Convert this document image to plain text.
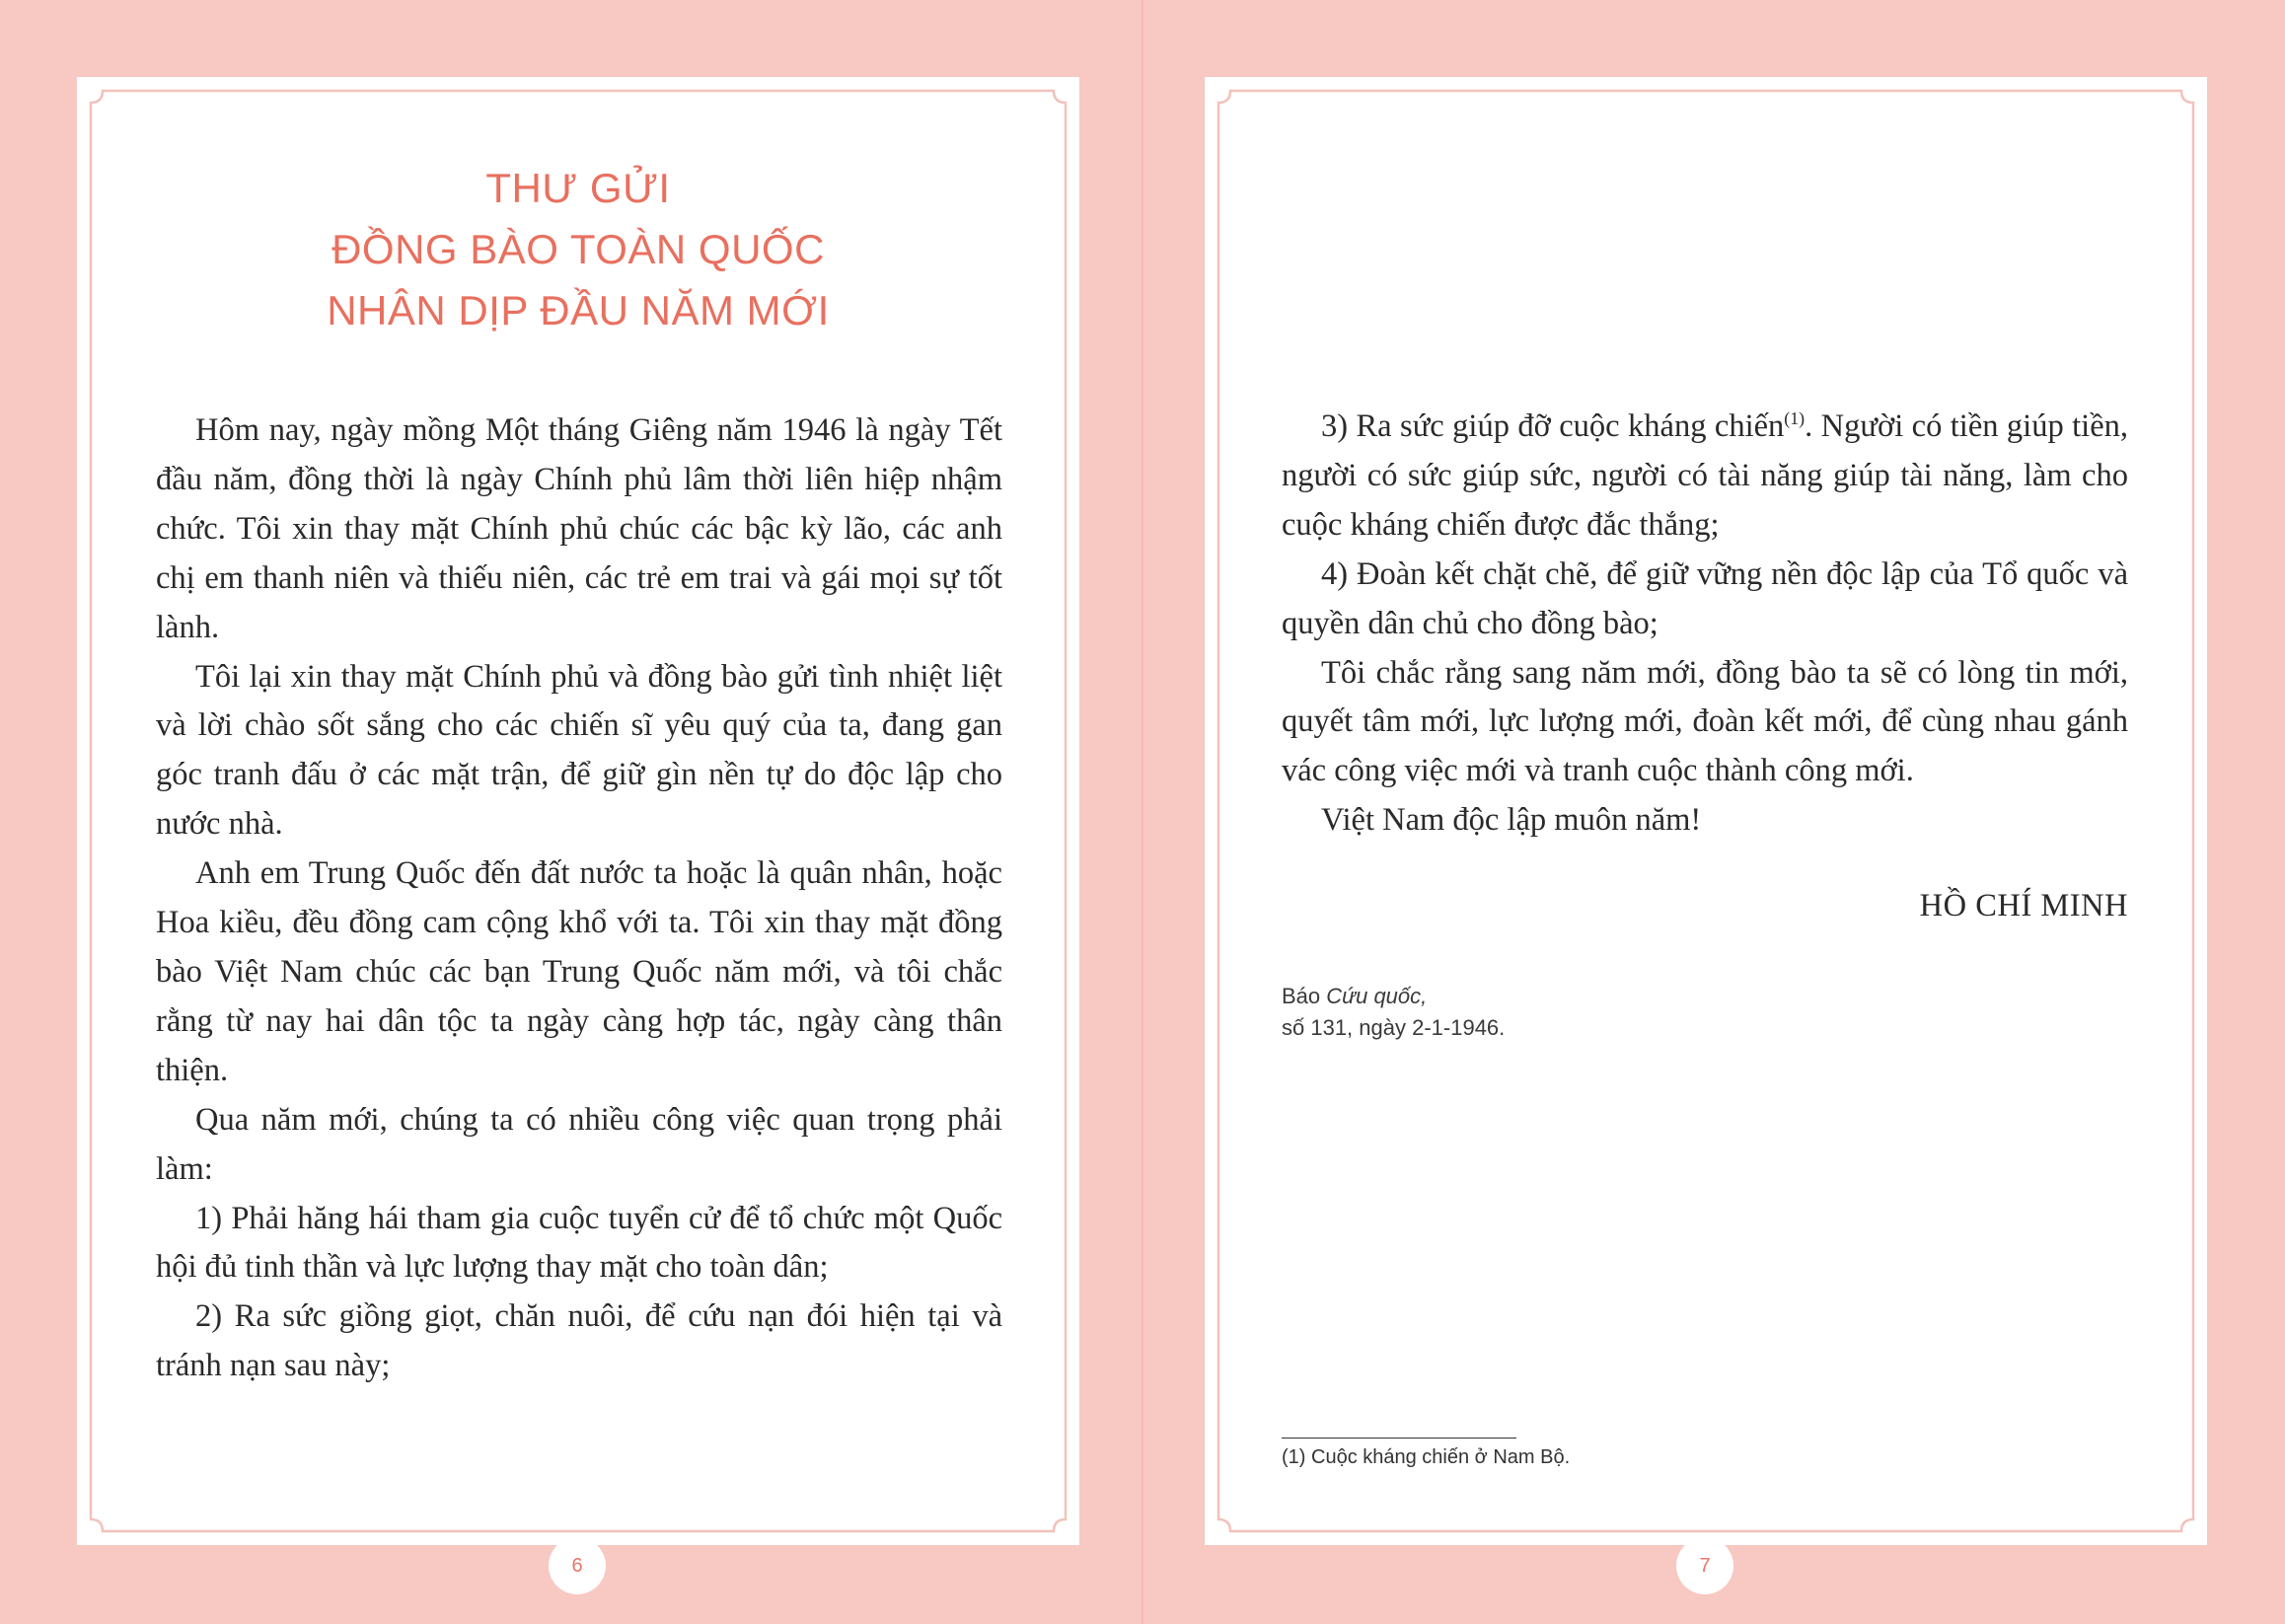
THƯ GỬI
ĐỒNG BÀO TOÀN QUỐC
NHÂN DỊP ĐẦU NĂM MỚI

Hôm nay, ngày mồng Một tháng Giêng năm 1946 là ngày Tết đầu năm, đồng thời là ngày Chính phủ lâm thời liên hiệp nhậm chức. Tôi xin thay mặt Chính phủ chúc các bậc kỳ lão, các anh chị em thanh niên và thiếu niên, các trẻ em trai và gái mọi sự tốt lành.

Tôi lại xin thay mặt Chính phủ và đồng bào gửi tình nhiệt liệt và lời chào sốt sắng cho các chiến sĩ yêu quý của ta, đang gan góc tranh đấu ở các mặt trận, để giữ gìn nền tự do độc lập cho nước nhà.

Anh em Trung Quốc đến đất nước ta hoặc là quân nhân, hoặc Hoa kiều, đều đồng cam cộng khổ với ta. Tôi xin thay mặt đồng bào Việt Nam chúc các bạn Trung Quốc năm mới, và tôi chắc rằng từ nay hai dân tộc ta ngày càng hợp tác, ngày càng thân thiện.

Qua năm mới, chúng ta có nhiều công việc quan trọng phải làm:

1) Phải hăng hái tham gia cuộc tuyển cử để tổ chức một Quốc hội đủ tinh thần và lực lượng thay mặt cho toàn dân;

2) Ra sức giồng giọt, chăn nuôi, để cứu nạn đói hiện tại và tránh nạn sau này;

6

3) Ra sức giúp đỡ cuộc kháng chiến$^{(1)}$. Người có tiền giúp tiền, người có sức giúp sức, người có tài năng giúp tài năng, làm cho cuộc kháng chiến được đắc thắng;

4) Đoàn kết chặt chẽ, để giữ vững nền độc lập của Tổ quốc và quyền dân chủ cho đồng bào;

Tôi chắc rằng sang năm mới, đồng bào ta sẽ có lòng tin mới, quyết tâm mới, lực lượng mới, đoàn kết mới, để cùng nhau gánh vác công việc mới và tranh cuộc thành công mới.

Việt Nam độc lập muôn năm!

HỒ CHÍ MINH
Báo Cứu quốc,
số 131, ngày 2-1-1946.
(1) Cuộc kháng chiến ở Nam Bộ.
7
